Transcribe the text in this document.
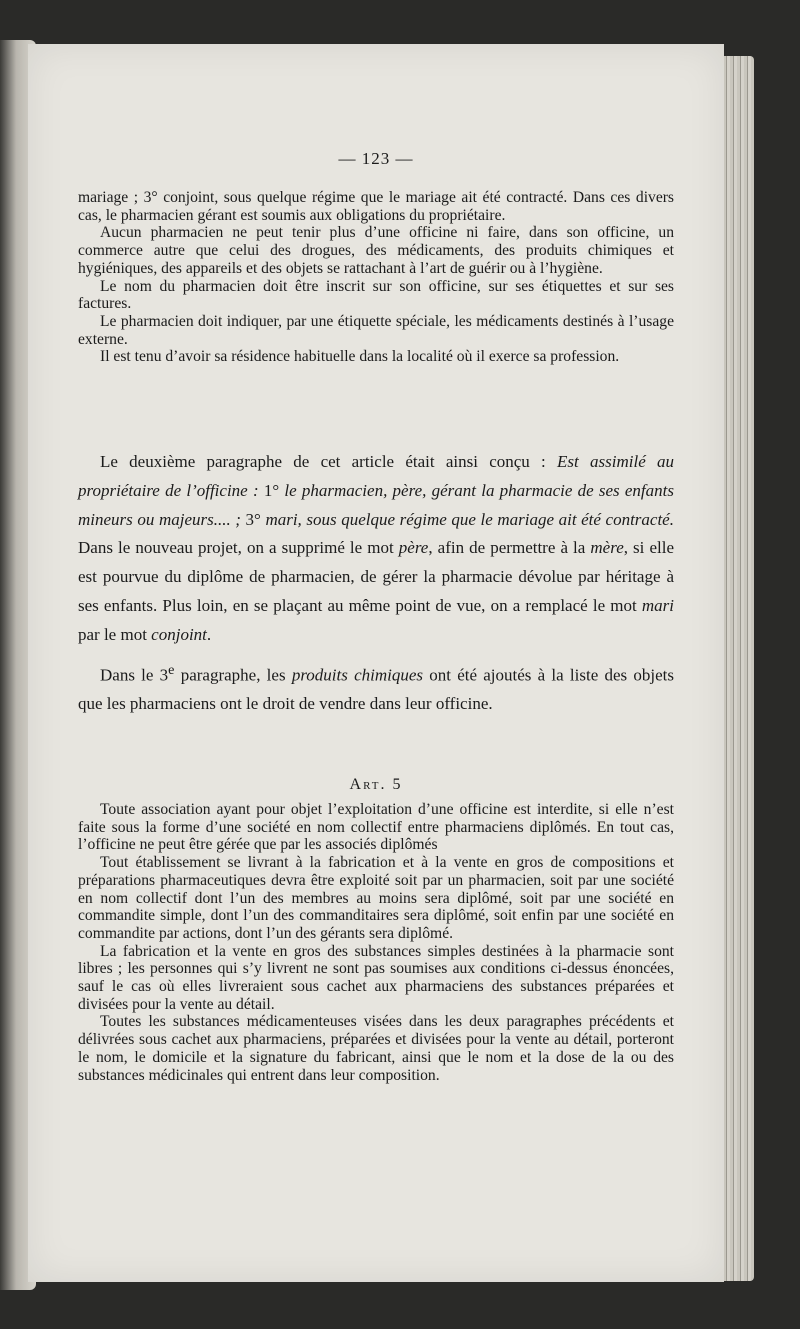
— 123 —

mariage ; 3° conjoint, sous quelque régime que le mariage ait été contracté. Dans ces divers cas, le pharmacien gérant est soumis aux obligations du propriétaire.

Aucun pharmacien ne peut tenir plus d’une officine ni faire, dans son officine, un commerce autre que celui des drogues, des médicaments, des produits chimiques et hygiéniques, des appareils et des objets se rattachant à l’art de guérir ou à l’hygiène.

Le nom du pharmacien doit être inscrit sur son officine, sur ses étiquettes et sur ses factures.

Le pharmacien doit indiquer, par une étiquette spéciale, les médicaments destinés à l’usage externe.

Il est tenu d’avoir sa résidence habituelle dans la localité où il exerce sa profession.

Le deuxième paragraphe de cet article était ainsi conçu : Est assimilé au propriétaire de l’officine : 1° le pharmacien, père, gérant la pharmacie de ses enfants mineurs ou majeurs.... ; 3° mari, sous quelque régime que le mariage ait été contracté. Dans le nouveau projet, on a supprimé le mot père, afin de permettre à la mère, si elle est pourvue du diplôme de pharmacien, de gérer la pharmacie dévolue par héritage à ses enfants. Plus loin, en se plaçant au même point de vue, on a remplacé le mot mari par le mot conjoint.

Dans le 3e paragraphe, les produits chimiques ont été ajoutés à la liste des objets que les pharmaciens ont le droit de vendre dans leur officine.

Art. 5

Toute association ayant pour objet l’exploitation d’une officine est interdite, si elle n’est faite sous la forme d’une société en nom collectif entre pharmaciens diplômés. En tout cas, l’officine ne peut être gérée que par les associés diplômés

Tout établissement se livrant à la fabrication et à la vente en gros de compositions et préparations pharmaceutiques devra être exploité soit par un pharmacien, soit par une société en nom collectif dont l’un des membres au moins sera diplômé, soit par une société en commandite simple, dont l’un des commanditaires sera diplômé, soit enfin par une société en commandite par actions, dont l’un des gérants sera diplômé.

La fabrication et la vente en gros des substances simples destinées à la pharmacie sont libres ; les personnes qui s’y livrent ne sont pas soumises aux conditions ci-dessus énoncées, sauf le cas où elles livreraient sous cachet aux pharmaciens des substances préparées et divisées pour la vente au détail.

Toutes les substances médicamenteuses visées dans les deux paragraphes précédents et délivrées sous cachet aux pharmaciens, préparées et divisées pour la vente au détail, porteront le nom, le domicile et la signature du fabricant, ainsi que le nom et la dose de la ou des substances médicinales qui entrent dans leur composition.
